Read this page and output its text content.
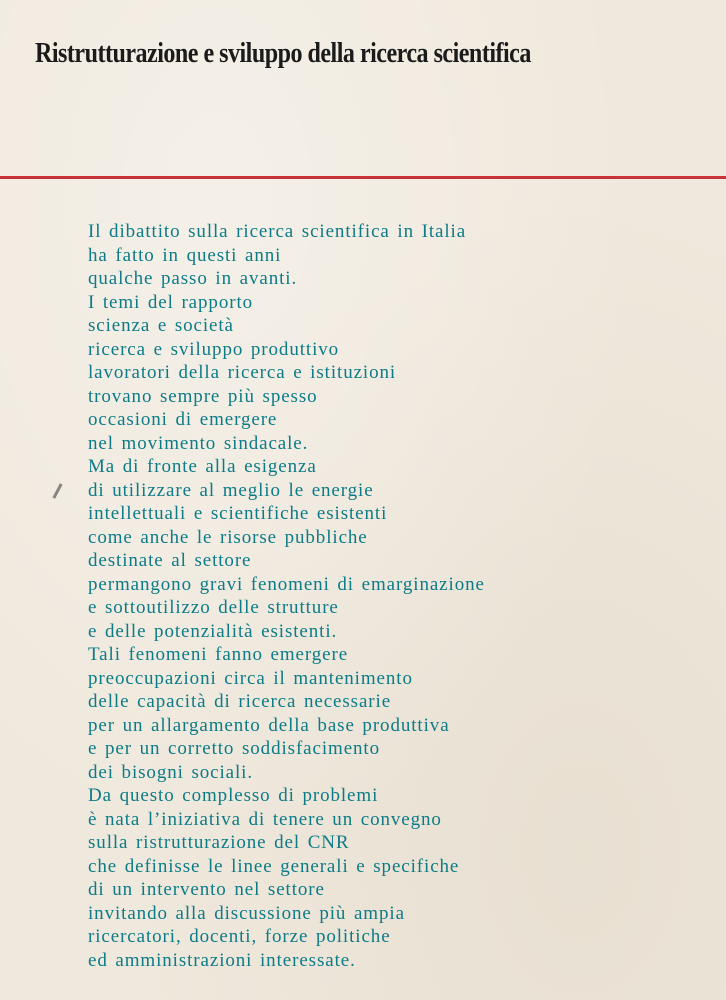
Ristrutturazione e sviluppo della ricerca scientifica
Il dibattito sulla ricerca scientifica in Italia
ha fatto in questi anni
qualche passo in avanti.
I temi del rapporto
scienza e società
ricerca e sviluppo produttivo
lavoratori della ricerca e istituzioni
trovano sempre più spesso
occasioni di emergere
nel movimento sindacale.
Ma di fronte alla esigenza
di utilizzare al meglio le energie
intellettuali e scientifiche esistenti
come anche le risorse pubbliche
destinate al settore
permangono gravi fenomeni di emarginazione
e sottoutilizzo delle strutture
e delle potenzialità esistenti.
Tali fenomeni fanno emergere
preoccupazioni circa il mantenimento
delle capacità di ricerca necessarie
per un allargamento della base produttiva
e per un corretto soddisfacimento
dei bisogni sociali.
Da questo complesso di problemi
è nata l’iniziativa di tenere un convegno
sulla ristrutturazione del CNR
che definisse le linee generali e specifiche
di un intervento nel settore
invitando alla discussione più ampia
ricercatori, docenti, forze politiche
ed amministrazioni interessate.
